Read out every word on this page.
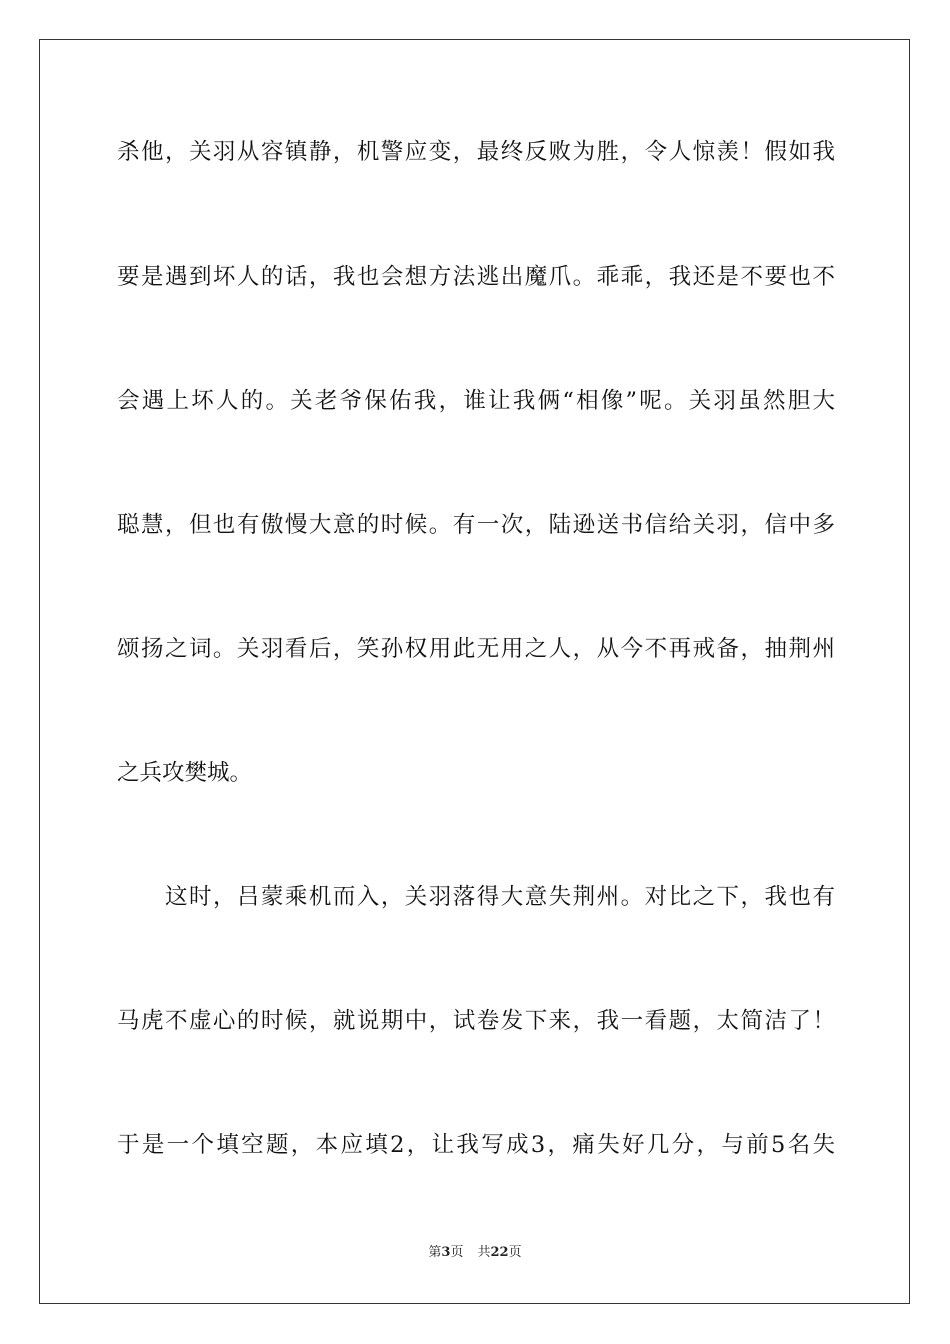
杀他，关羽从容镇静，机警应变，最终反败为胜，令人惊羡！假如我
要是遇到坏人的话，我也会想方法逃出魔爪。乖乖，我还是不要也不
会遇上坏人的。关老爷保佑我，谁让我俩“相像”呢。关羽虽然胆大
聪慧，但也有傲慢大意的时候。有一次，陆逊送书信给关羽，信中多
颂扬之词。关羽看后，笑孙权用此无用之人，从今不再戒备，抽荆州
之兵攻樊城。
这时，吕蒙乘机而入，关羽落得大意失荆州。对比之下，我也有
马虎不虚心的时候，就说期中，试卷发下来，我一看题，太简洁了！
于是一个填空题，本应填2，让我写成3，痛失好几分，与前5名失
第3页 共22页
